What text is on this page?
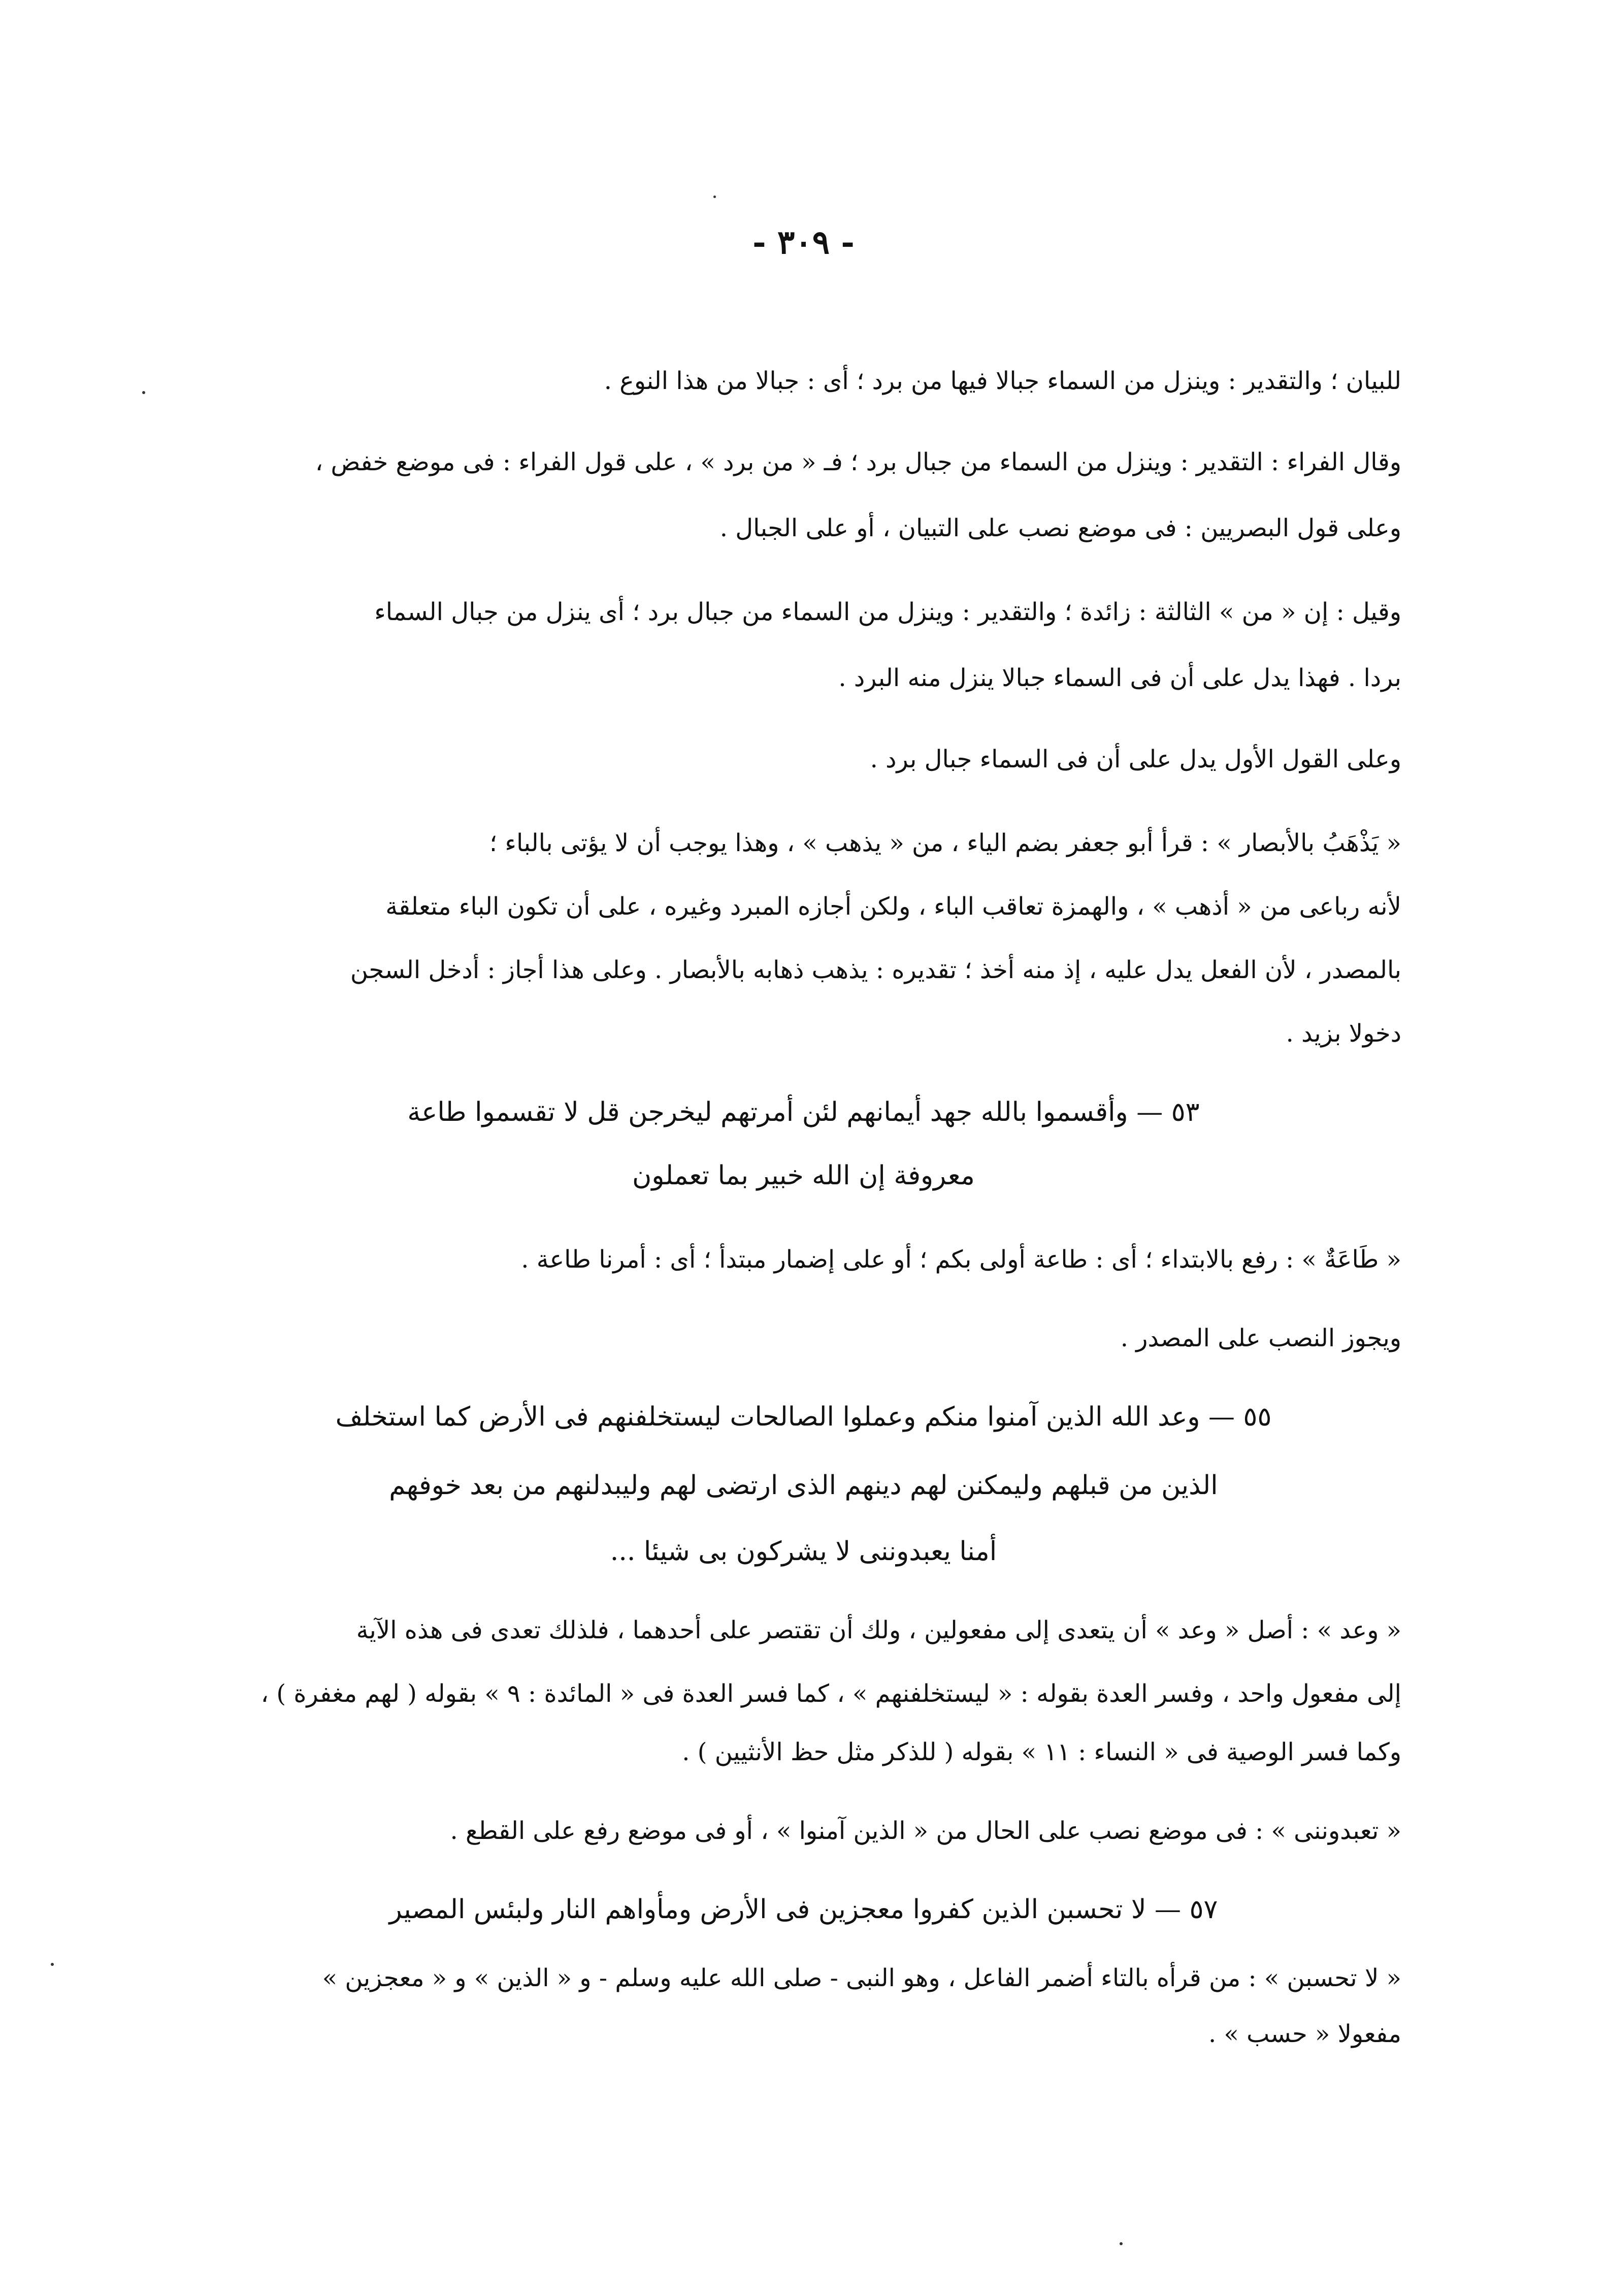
- ٣٠٩ -
للبيان ؛ والتقدير : وينزل من السماء جبالا فيها من برد ؛ أى : جبالا من هذا النوع .
وقال الفراء : التقدير : وينزل من السماء من جبال برد ؛ فـ « من برد » ، على قول الفراء : فى موضع خفض ،
وعلى قول البصريين : فى موضع نصب على التبيان ، أو على الجبال .
وقيل : إن « من » الثالثة : زائدة ؛ والتقدير : وينزل من السماء من جبال برد ؛ أى ينزل من جبال السماء
بردا . فهذا يدل على أن فى السماء جبالا ينزل منه البرد .
وعلى القول الأول يدل على أن فى السماء جبال برد .
« يَذْهَبُ بالأبصار » : قرأ أبو جعفر بضم الياء ، من « يذهب » ، وهذا يوجب أن لا يؤتى بالباء ؛
لأنه رباعى من « أذهب » ، والهمزة تعاقب الباء ، ولكن أجازه المبرد وغيره ، على أن تكون الباء متعلقة
بالمصدر ، لأن الفعل يدل عليه ، إذ منه أخذ ؛ تقديره : يذهب ذهابه بالأبصار . وعلى هذا أجاز : أدخل السجن
دخولا بزيد .
٥٣ — وأقسموا بالله جهد أيمانهم لئن أمرتهم ليخرجن قل لا تقسموا طاعة
معروفة إن الله خبير بما تعملون
« طَاعَةٌ » : رفع بالابتداء ؛ أى : طاعة أولى بكم ؛ أو على إضمار مبتدأ ؛ أى : أمرنا طاعة .
ويجوز النصب على المصدر .
٥٥ — وعد الله الذين آمنوا منكم وعملوا الصالحات ليستخلفنهم فى الأرض كما استخلف
الذين من قبلهم وليمكنن لهم دينهم الذى ارتضى لهم وليبدلنهم من بعد خوفهم
أمنا يعبدوننى لا يشركون بى شيئا ...
« وعد » : أصل « وعد » أن يتعدى إلى مفعولين ، ولك أن تقتصر على أحدهما ، فلذلك تعدى فى هذه الآية
إلى مفعول واحد ، وفسر العدة بقوله : « ليستخلفنهم » ، كما فسر العدة فى « المائدة : ٩ » بقوله ( لهم مغفرة ) ،
وكما فسر الوصية فى « النساء : ١١ » بقوله ( للذكر مثل حظ الأنثيين ) .
« تعبدوننى » : فى موضع نصب على الحال من « الذين آمنوا » ، أو فى موضع رفع على القطع .
٥٧ — لا تحسبن الذين كفروا معجزين فى الأرض ومأواهم النار ولبئس المصير
« لا تحسبن » : من قرأه بالتاء أضمر الفاعل ، وهو النبى - صلى الله عليه وسلم - و « الذين » و « معجزين »
مفعولا « حسب » .
